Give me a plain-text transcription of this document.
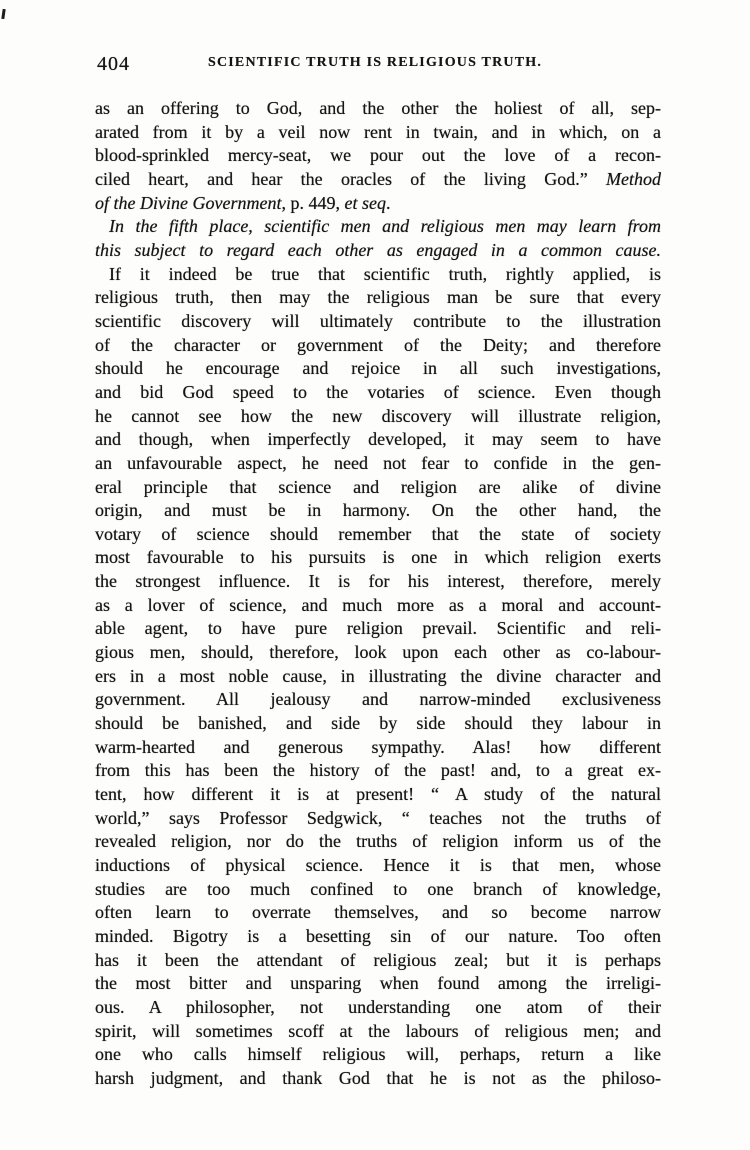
404	SCIENTIFIC TRUTH IS RELIGIOUS TRUTH.
as an offering to God, and the other the holiest of all, sep-
arated from it by a veil now rent in twain, and in which, on a
blood-sprinkled mercy-seat, we pour out the love of a recon-
ciled heart, and hear the oracles of the living God.” Method
of the Divine Government, p. 449, et seq.
In the fifth place, scientific men and religious men may learn from
this subject to regard each other as engaged in a common cause.
If it indeed be true that scientific truth, rightly applied, is
religious truth, then may the religious man be sure that every
scientific discovery will ultimately contribute to the illustration
of the character or government of the Deity; and therefore
should he encourage and rejoice in all such investigations,
and bid God speed to the votaries of science. Even though
he cannot see how the new discovery will illustrate religion,
and though, when imperfectly developed, it may seem to have
an unfavourable aspect, he need not fear to confide in the gen-
eral principle that science and religion are alike of divine
origin, and must be in harmony. On the other hand, the
votary of science should remember that the state of society
most favourable to his pursuits is one in which religion exerts
the strongest influence. It is for his interest, therefore, merely
as a lover of science, and much more as a moral and account-
able agent, to have pure religion prevail. Scientific and reli-
gious men, should, therefore, look upon each other as co-labour-
ers in a most noble cause, in illustrating the divine character and
government. All jealousy and narrow-minded exclusiveness
should be banished, and side by side should they labour in
warm-hearted and generous sympathy. Alas! how different
from this has been the history of the past! and, to a great ex-
tent, how different it is at present! “ A study of the natural
world,” says Professor Sedgwick, “ teaches not the truths of
revealed religion, nor do the truths of religion inform us of the
inductions of physical science. Hence it is that men, whose
studies are too much confined to one branch of knowledge,
often learn to overrate themselves, and so become narrow
minded. Bigotry is a besetting sin of our nature. Too often
has it been the attendant of religious zeal; but it is perhaps
the most bitter and unsparing when found among the irreligi-
ous. A philosopher, not understanding one atom of their
spirit, will sometimes scoff at the labours of religious men; and
one who calls himself religious will, perhaps, return a like
harsh judgment, and thank God that he is not as the philoso-
